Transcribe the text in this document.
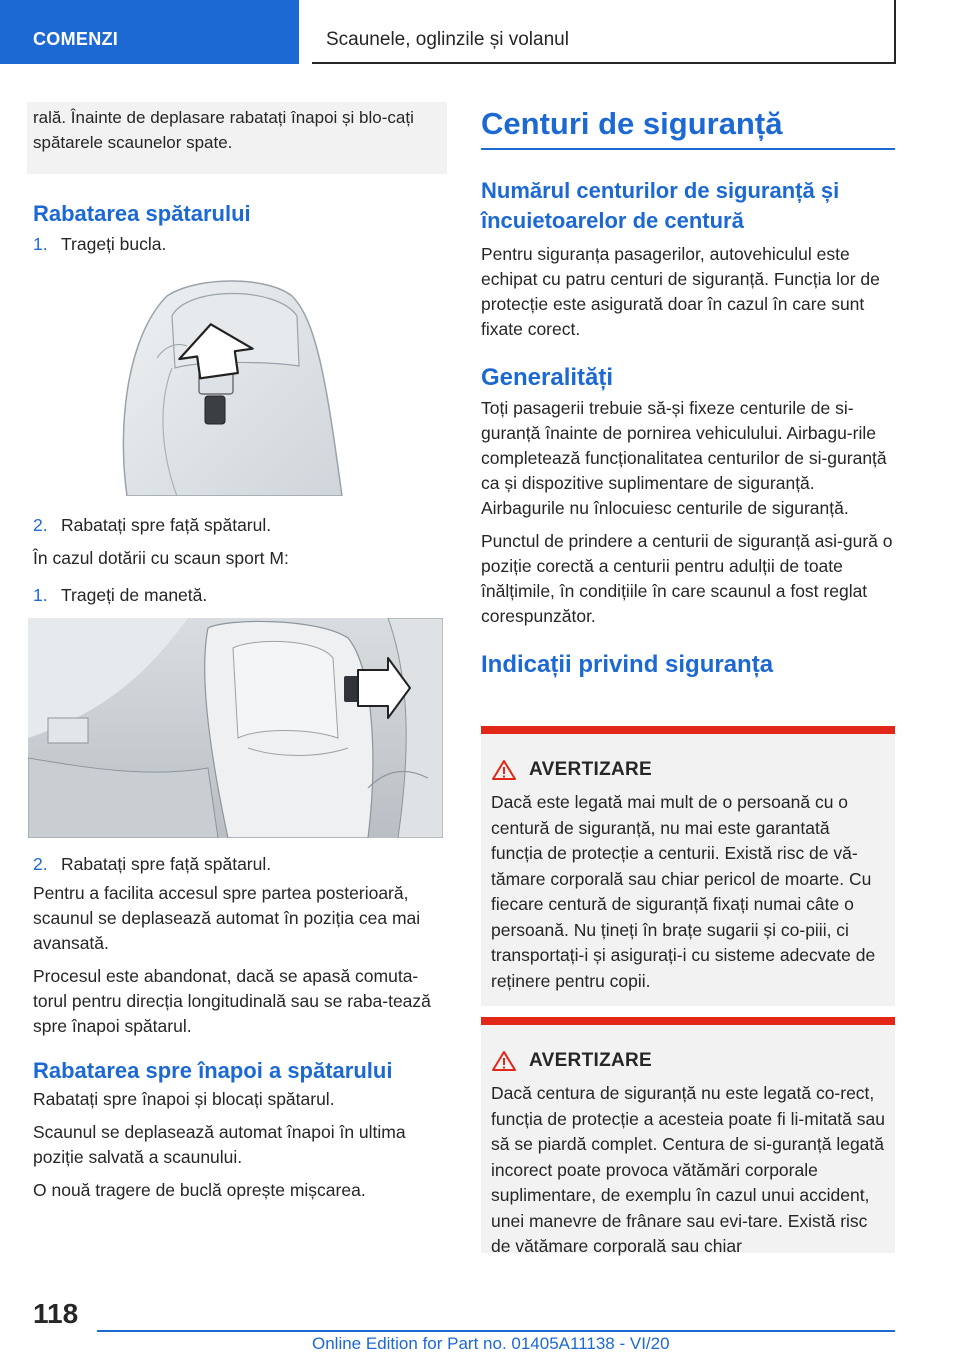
COMENZI	Scaunele, oglinzile și volanul

rală. Înainte de deplasare rabatați înapoi și blo-cați spătarele scaunelor spate.

Rabatarea spătarului
1. Trageți bucla.
2. Rabatați spre față spătarul.

În cazul dotării cu scaun sport M:

1. Trageți de manetă.
2. Rabatați spre față spătarul.

Pentru a facilita accesul spre partea posterioară, scaunul se deplasează automat în poziția cea mai avansată.

Procesul este abandonat, dacă se apasă comuta-torul pentru direcția longitudinală sau se raba-tează spre înapoi spătarul.

Rabatarea spre înapoi a spătarului

Rabatați spre înapoi și blocați spătarul.

Scaunul se deplasează automat înapoi în ultima poziție salvată a scaunului.

O nouă tragere de buclă oprește mișcarea.

Centuri de siguranță
Numărul centurilor de siguranță și încuietoarelor de centură

Pentru siguranța pasagerilor, autovehiculul este echipat cu patru centuri de siguranță. Funcția lor de protecție este asigurată doar în cazul în care sunt fixate corect.

Generalități

Toți pasagerii trebuie să-și fixeze centurile de si-guranță înainte de pornirea vehiculului. Airbagu-rile completează funcționalitatea centurilor de si-guranță ca și dispozitive suplimentare de siguranță. Airbagurile nu înlocuiesc centurile de siguranță.

Punctul de prindere a centurii de siguranță asi-gură o poziție corectă a centurii pentru adulții de toate înălțimile, în condițiile în care scaunul a fost reglat corespunzător.

Indicații privind siguranța
AVERTIZARE

Dacă este legată mai mult de o persoană cu o centură de siguranță, nu mai este garantată funcția de protecție a centurii. Există risc de vă-tămare corporală sau chiar pericol de moarte. Cu fiecare centură de siguranță fixați numai câte o persoană. Nu țineți în brațe sugarii și co-piii, ci transportați-i și asigurați-i cu sisteme adecvate de reținere pentru copii.

AVERTIZARE

Dacă centura de siguranță nu este legată co-rect, funcția de protecție a acesteia poate fi li-mitată sau să se piardă complet. Centura de si-guranță legată incorect poate provoca vătămări corporale suplimentare, de exemplu în cazul unui accident, unei manevre de frânare sau evi-tare. Există risc de vătămare corporală sau chiar

118
Online Edition for Part no. 01405A11138 - VI/20
